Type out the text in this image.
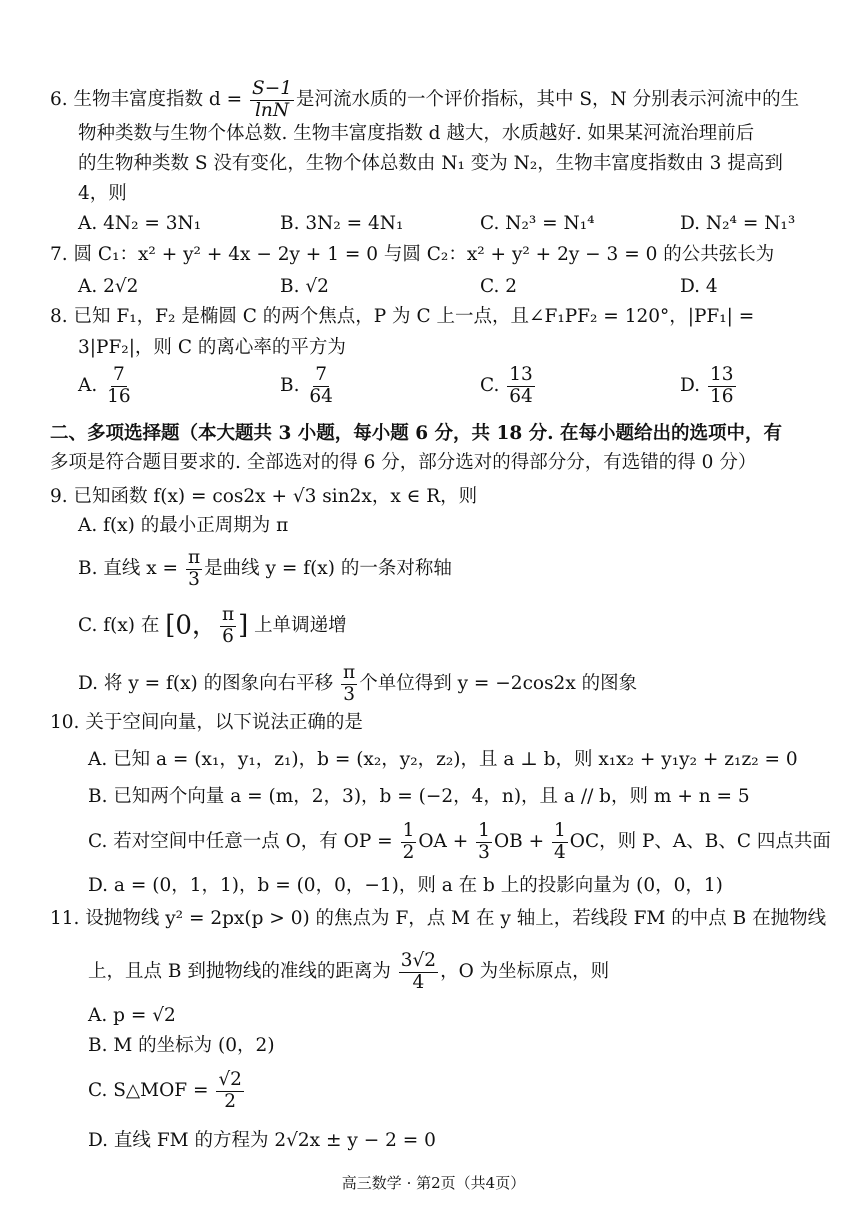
6. 生物丰富度指数 $d = \frac{S-1}{\ln N}$ 是河流水质的一个评价指标，其中 S，N 分别表示河流中的生
物种类数与生物个体总数. 生物丰富度指数 d 越大，水质越好. 如果某河流治理前后
的生物种类数 S 没有变化，生物个体总数由 N₁ 变为 N₂，生物丰富度指数由 3 提高到
4，则
A. 4N₂ = 3N₁	B. 3N₂ = 4N₁	C. N₂³ = N₁⁴	D. N₂⁴ = N₁³
7. 圆 C₁：x² + y² + 4x − 2y + 1 = 0 与圆 C₂：x² + y² + 2y − 3 = 0 的公共弦长为
A. 2√2	B. √2	C. 2	D. 4
8. 已知 F₁，F₂ 是椭圆 C 的两个焦点，P 为 C 上一点，且∠F₁PF₂ = 120°，|PF₁| =
3|PF₂|，则 C 的离心率的平方为
A. $\frac{7}{16}$	B. $\frac{7}{64}$	C. $\frac{13}{64}$	D. $\frac{13}{16}$
二、多项选择题（本大题共 3 小题，每小题 6 分，共 18 分. 在每小题给出的选项中，有
多项是符合题目要求的. 全部选对的得 6 分，部分选对的得部分分，有选错的得 0 分）
9. 已知函数 f(x) = cos2x + √3 sin2x，x ∈ R，则
A. f(x) 的最小正周期为 π
B. 直线 $x = \frac{\pi}{3}$ 是曲线 y = f(x) 的一条对称轴
C. f(x) 在 [0， $\frac{\pi}{6}$ ] 上单调递增
D. 将 y = f(x) 的图象向右平移 $\frac{\pi}{3}$ 个单位得到 y = −2cos2x 的图象
10. 关于空间向量，以下说法正确的是
A. 已知 a = (x₁，y₁，z₁)，b = (x₂，y₂，z₂)，且 a ⊥ b，则 x₁x₂ + y₁y₂ + z₁z₂ = 0
B. 已知两个向量 a = (m，2，3)，b = (−2，4，n)，且 a // b，则 m + n = 5
C. 若对空间中任意一点 O，有 OP = $\frac{1}{2}$ OA + $\frac{1}{3}$ OB + $\frac{1}{4}$ OC，则 P、A、B、C 四点共面
D. a = (0，1，1)，b = (0，0，−1)，则 a 在 b 上的投影向量为 (0，0，1)
11. 设抛物线 y² = 2px(p > 0) 的焦点为 F，点 M 在 y 轴上，若线段 FM 的中点 B 在抛物线
上，且点 B 到抛物线的准线的距离为 $\frac{3√2}{4}$ ，O 为坐标原点，则
A. p = √2
B. M 的坐标为 (0，2)
C. S△MOF = $\frac{√2}{2}$
D. 直线 FM 的方程为 2√2x ± y − 2 = 0
高三数学 · 第2页（共4页）
